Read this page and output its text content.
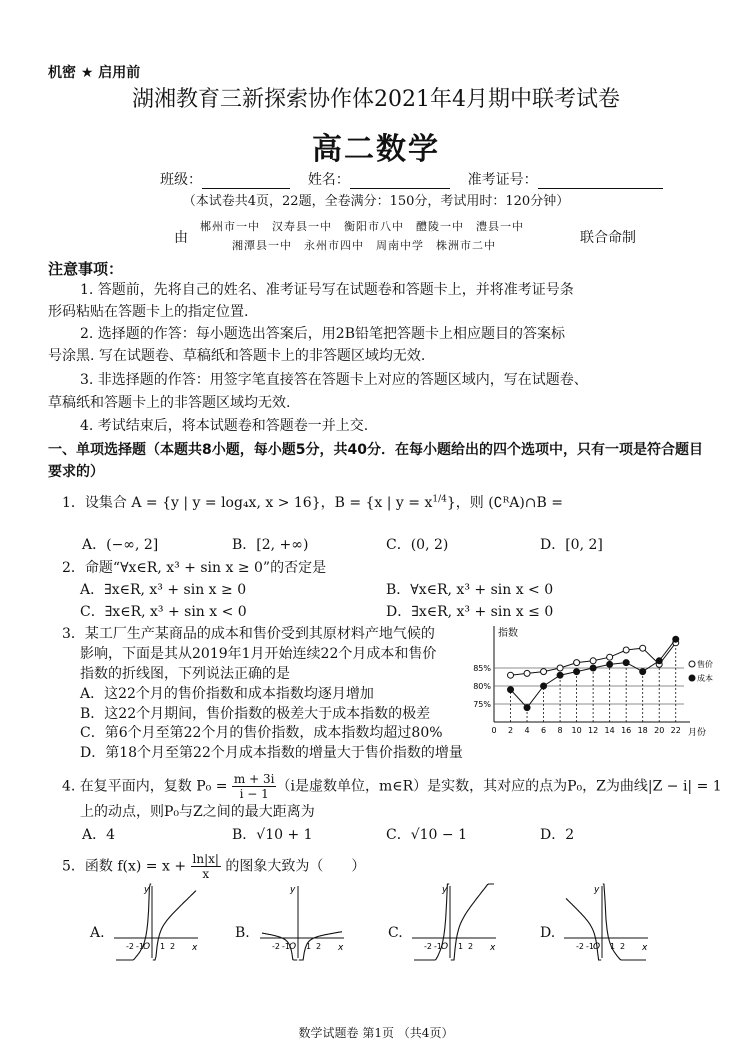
机密 ★ 启用前
湖湘教育三新探索协作体2021年4月期中联考试卷
高二数学
班级：	姓名：	准考证号：
（本试卷共4页，22题，全卷满分：150分，考试用时：120分钟）
由
郴州市一中　汉寿县一中　衡阳市八中　醴陵一中　澧县一中
湘潭县一中　永州市四中　周南中学　株洲市二中	联合命制
注意事项：
1. 答题前，先将自己的姓名、准考证号写在试题卷和答题卡上，并将准考证号条
形码粘贴在答题卡上的指定位置.
2. 选择题的作答：每小题选出答案后，用2B铅笔把答题卡上相应题目的答案标
号涂黑. 写在试题卷、草稿纸和答题卡上的非答题区域均无效.
3. 非选择题的作答：用签字笔直接答在答题卡上对应的答题区域内，写在试题卷、
草稿纸和答题卡上的非答题区域均无效.
4. 考试结束后，将本试题卷和答题卷一并上交.
一、单项选择题（本题共8小题，每小题5分，共40分．在每小题给出的四个选项中，只有一项是符合题目要求的）
1．设集合 A = {y | y = log₄x, x > 16}，B = {x | $y = x^{1/4}$}，则 (∁ᴿA)∩B =
A．(−∞, 2]	B．[2, +∞)	C．(0, 2)	D．[0, 2]
2．命题“∀x∈R, x³ + sin x ≥ 0”的否定是
A．∃x∈R, x³ + sin x ≥ 0	B．∀x∈R, x³ + sin x < 0
C．∃x∈R, x³ + sin x < 0	D．∃x∈R, x³ + sin x ≤ 0
3．某工厂生产某商品的成本和售价受到其原材料产地气候的
影响，下面是其从2019年1月开始连续22个月成本和售价
指数的折线图，下列说法正确的是
A．这22个月的售价指数和成本指数均逐月增加
B．这22个月期间，售价指数的极差大于成本指数的极差
C．第6个月至第22个月的售价指数，成本指数均超过80%
D．第18个月至第22个月成本指数的增量大于售价指数的增量
指数
月份
75%
80%
85%
0 2 4 6 8 10 12 14 16 18 20 22
售价
成本
4. 在复平面内，复数 $P_0 = \frac{m + 3i}{i - 1} (i$是虚数单位，m∈R）是实数，其对应的点为P₀，Z为曲线|Z − i| = 1
上的动点，则P₀与Z之间的最大距离为
A．4	B．√10 + 1	C．√10 − 1	D．2
5．函数 $f(x) = x + \frac{\ln|x|}{x}$ 的图象大致为（　　）
A.	B.	C.	D.
y
x
O
-2 -1 1 2
y
x
O
-2 -1 1 2
y
x
O
-2 -1 1 2
y
x
O
-2 -1 1 2
数学试题卷 第1页 （共4页）
